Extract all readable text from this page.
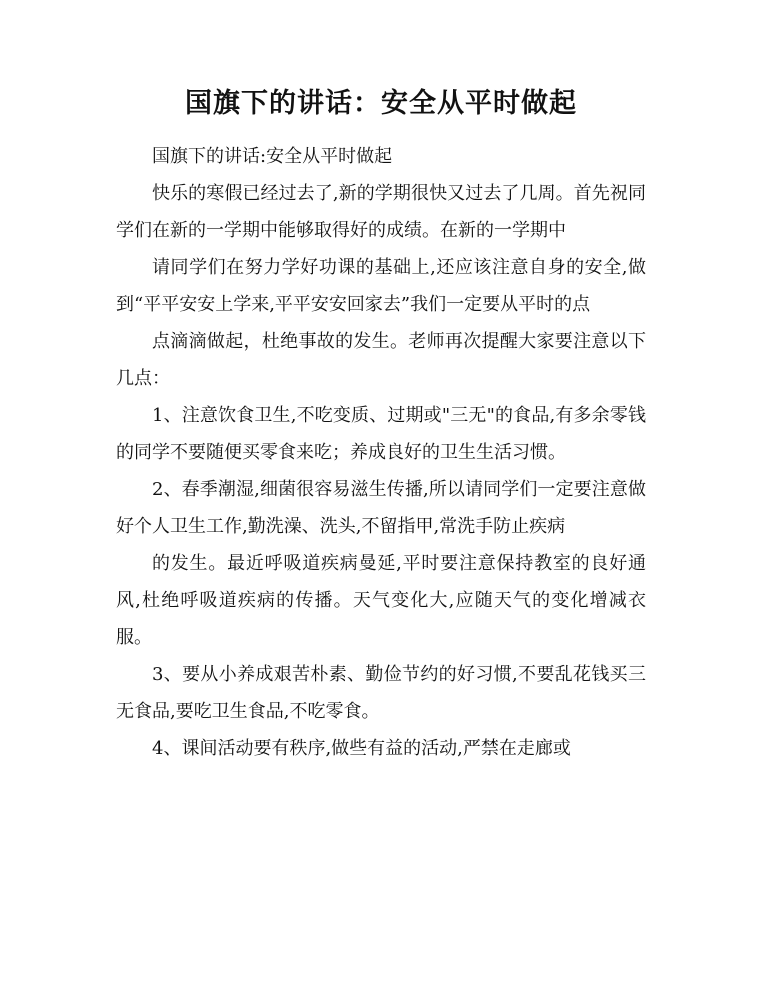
国旗下的讲话：安全从平时做起

国旗下的讲话:安全从平时做起

快乐的寒假已经过去了,新的学期很快又过去了几周。首先祝同学们在新的一学期中能够取得好的成绩。在新的一学期中

请同学们在努力学好功课的基础上,还应该注意自身的安全,做到“平平安安上学来,平平安安回家去”我们一定要从平时的点

点滴滴做起，杜绝事故的发生。老师再次提醒大家要注意以下几点：

1、注意饮食卫生,不吃变质、过期或"三无"的食品,有多余零钱的同学不要随便买零食来吃；养成良好的卫生生活习惯。

2、春季潮湿,细菌很容易滋生传播,所以请同学们一定要注意做好个人卫生工作,勤洗澡、洗头,不留指甲,常洗手防止疾病

的发生。最近呼吸道疾病曼延,平时要注意保持教室的良好通风,杜绝呼吸道疾病的传播。天气变化大,应随天气的变化增减衣服。

3、要从小养成艰苦朴素、勤俭节约的好习惯,不要乱花钱买三无食品,要吃卫生食品,不吃零食。

4、课间活动要有秩序,做些有益的活动,严禁在走廊或
